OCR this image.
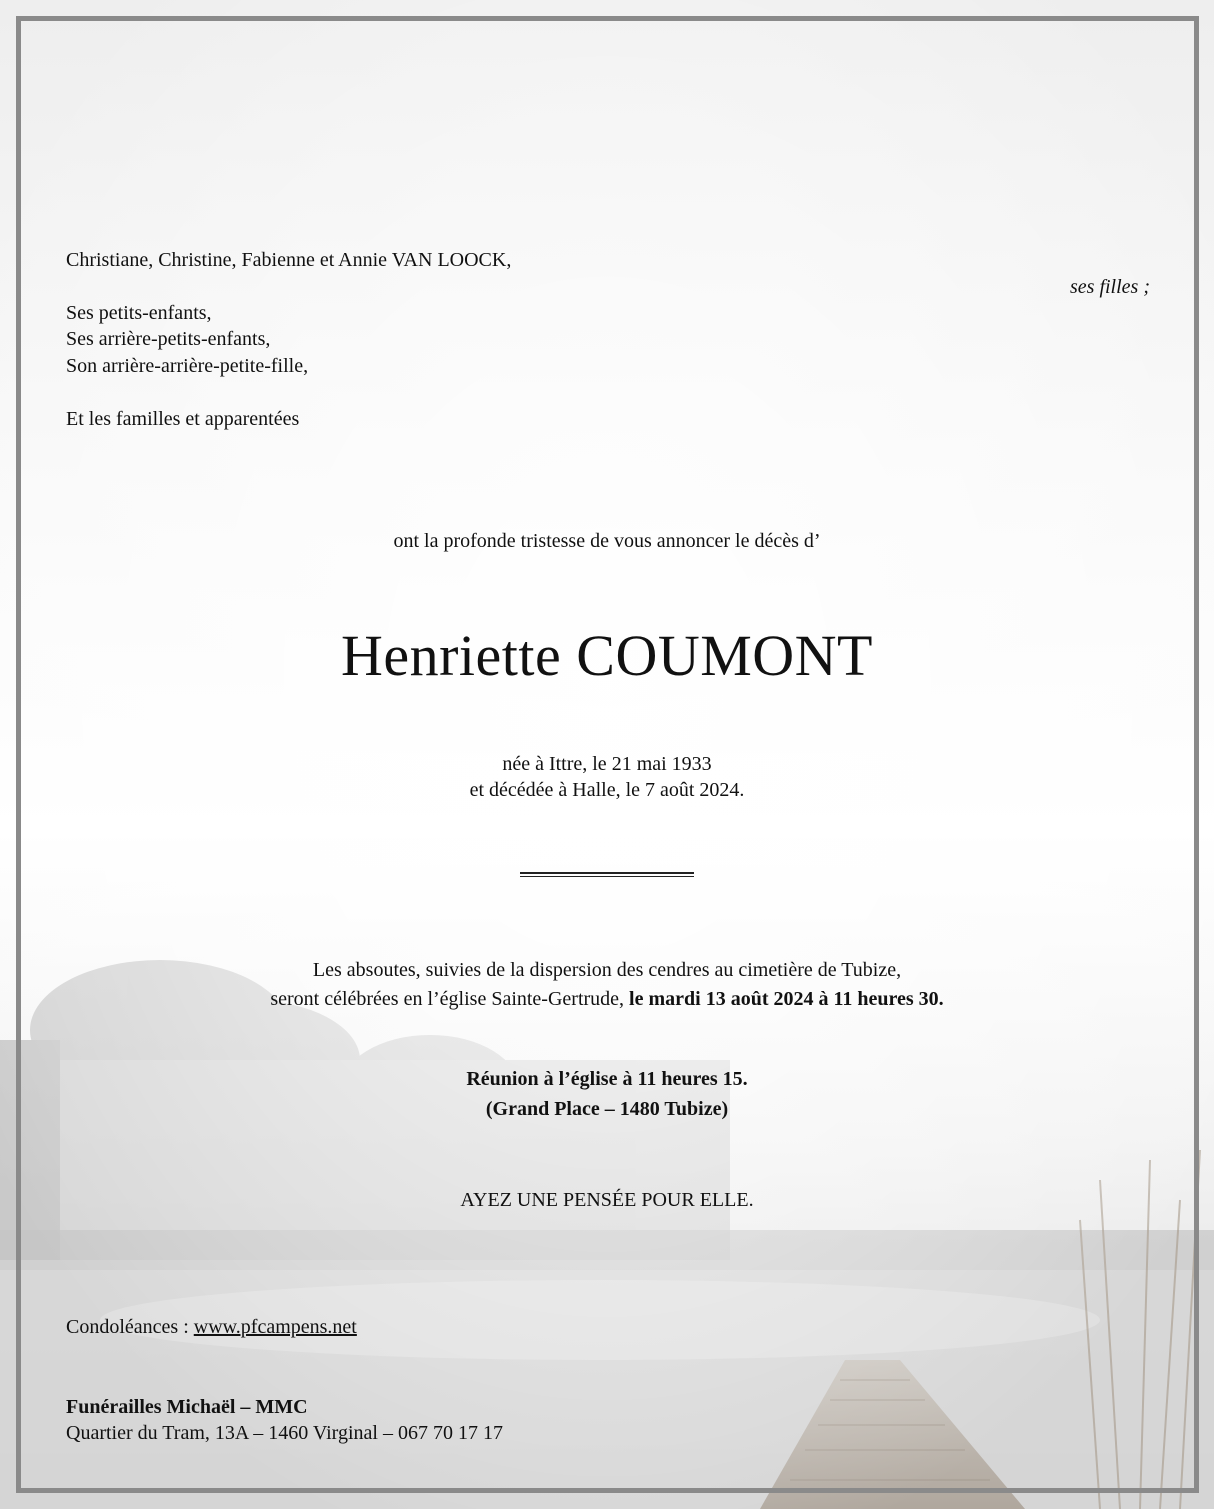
Christiane, Christine, Fabienne et Annie VAN LOOCK,
ses filles ;
Ses petits-enfants,
Ses arrière-petits-enfants,
Son arrière-arrière-petite-fille,
Et les familles et apparentées
ont la profonde tristesse de vous annoncer le décès d’
Henriette COUMONT
née à Ittre, le 21 mai 1933
et décédée à Halle, le 7 août 2024.
Les absoutes, suivies de la dispersion des cendres au cimetière de Tubize,
seront célébrées en l’église Sainte-Gertrude, le mardi 13 août 2024 à 11 heures 30.
Réunion à l’église à 11 heures 15.
(Grand Place – 1480 Tubize)
AYEZ UNE PENSÉE POUR ELLE.
Condoléances : www.pfcampens.net
Funérailles Michaël – MMC
Quartier du Tram, 13A – 1460 Virginal – 067 70 17 17
